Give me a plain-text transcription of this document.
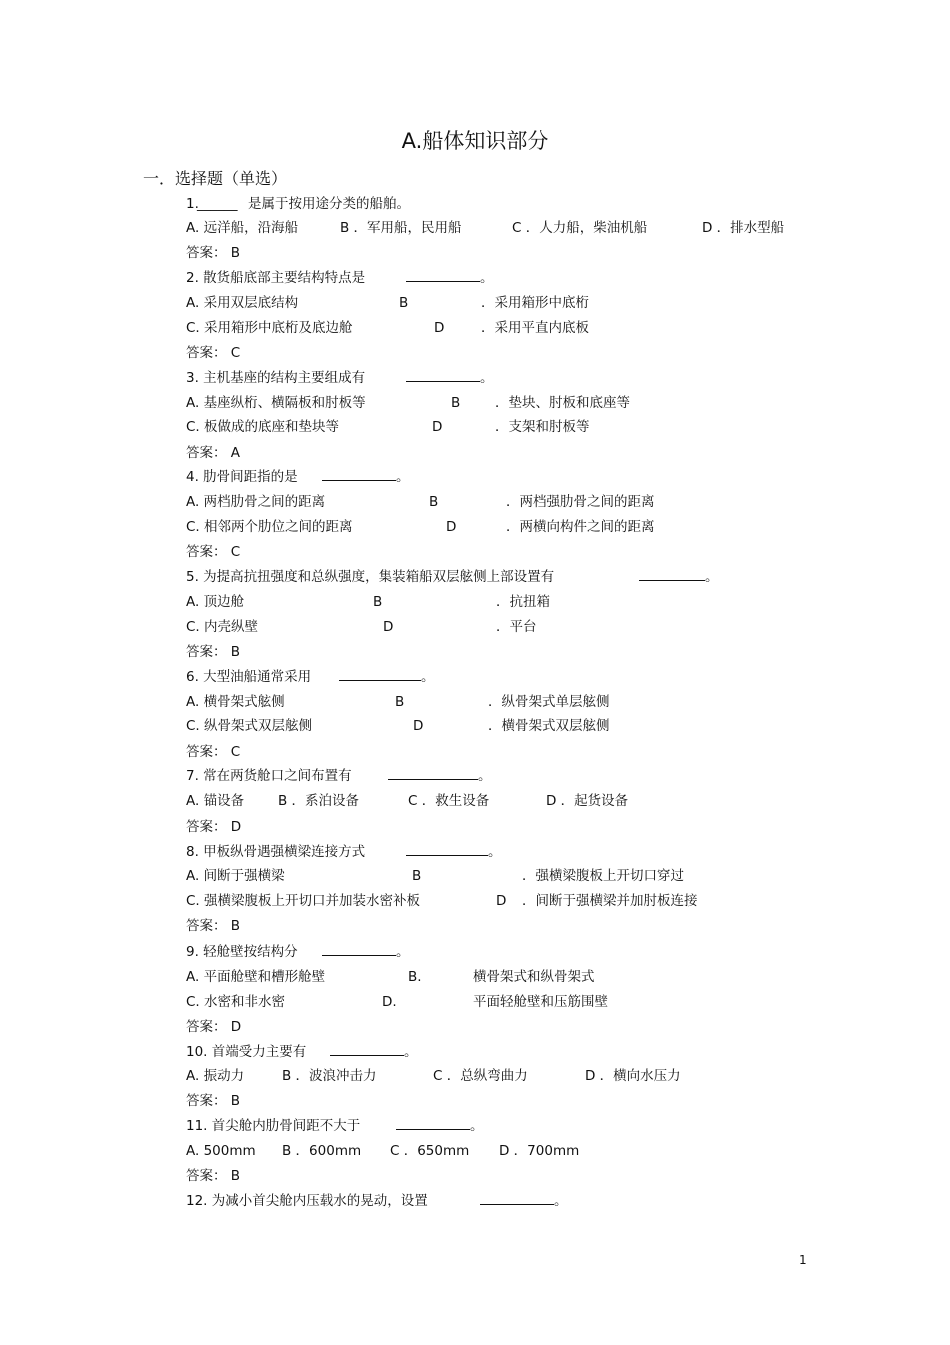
A.船体知识部分
一．选择题（单选）
1.
______ 是属于按用途分类的船舶。
A. 远洋船，沿海船	B ．军用船，民用船	C ．人力船，柴油机船	D ．排水型船
答案： B
2. 散货船底部主要结构特点是	。
A. 采用双层底结构	B	．采用箱形中底桁
C. 采用箱形中底桁及底边舱	D	．采用平直内底板
答案： C
3. 主机基座的结构主要组成有	。
A. 基座纵桁、横隔板和肘板等	B	．垫块、肘板和底座等
C. 板做成的底座和垫块等	D	．支架和肘板等
答案： A
4. 肋骨间距指的是	。
A. 两档肋骨之间的距离	B	．两档强肋骨之间的距离
C. 相邻两个肋位之间的距离	D	．两横向构件之间的距离
答案： C
5. 为提高抗扭强度和总纵强度，集装箱船双层舷侧上部设置有	。
A. 顶边舱	B	．抗扭箱
C. 内壳纵壁	D	．平台
答案： B
6. 大型油船通常采用	。
A. 横骨架式舷侧	B	．纵骨架式单层舷侧
C. 纵骨架式双层舷侧	D	．横骨架式双层舷侧
答案： C
7. 常在两货舱口之间布置有	。
A. 锚设备	B ．系泊设备	C ．救生设备	D ．起货设备
答案： D
8. 甲板纵骨遇强横梁连接方式	。
A. 间断于强横梁	B	．强横梁腹板上开切口穿过
C. 强横梁腹板上开切口并加装水密补板	D ．间断于强横梁并加肘板连接
答案： B
9. 轻舱壁按结构分	。
A. 平面舱壁和槽形舱壁	B.	横骨架式和纵骨架式
C. 水密和非水密	D.	平面轻舱壁和压筋围壁
答案： D
10. 首端受力主要有	。
A. 振动力	B ．波浪冲击力	C ．总纵弯曲力	D ．横向水压力
答案： B
11. 首尖舱内肋骨间距不大于	。
A. 500mm B ．600mm C ．650mm D ．700mm
答案： B
12. 为减小首尖舱内压载水的晃动，设置	。
1
